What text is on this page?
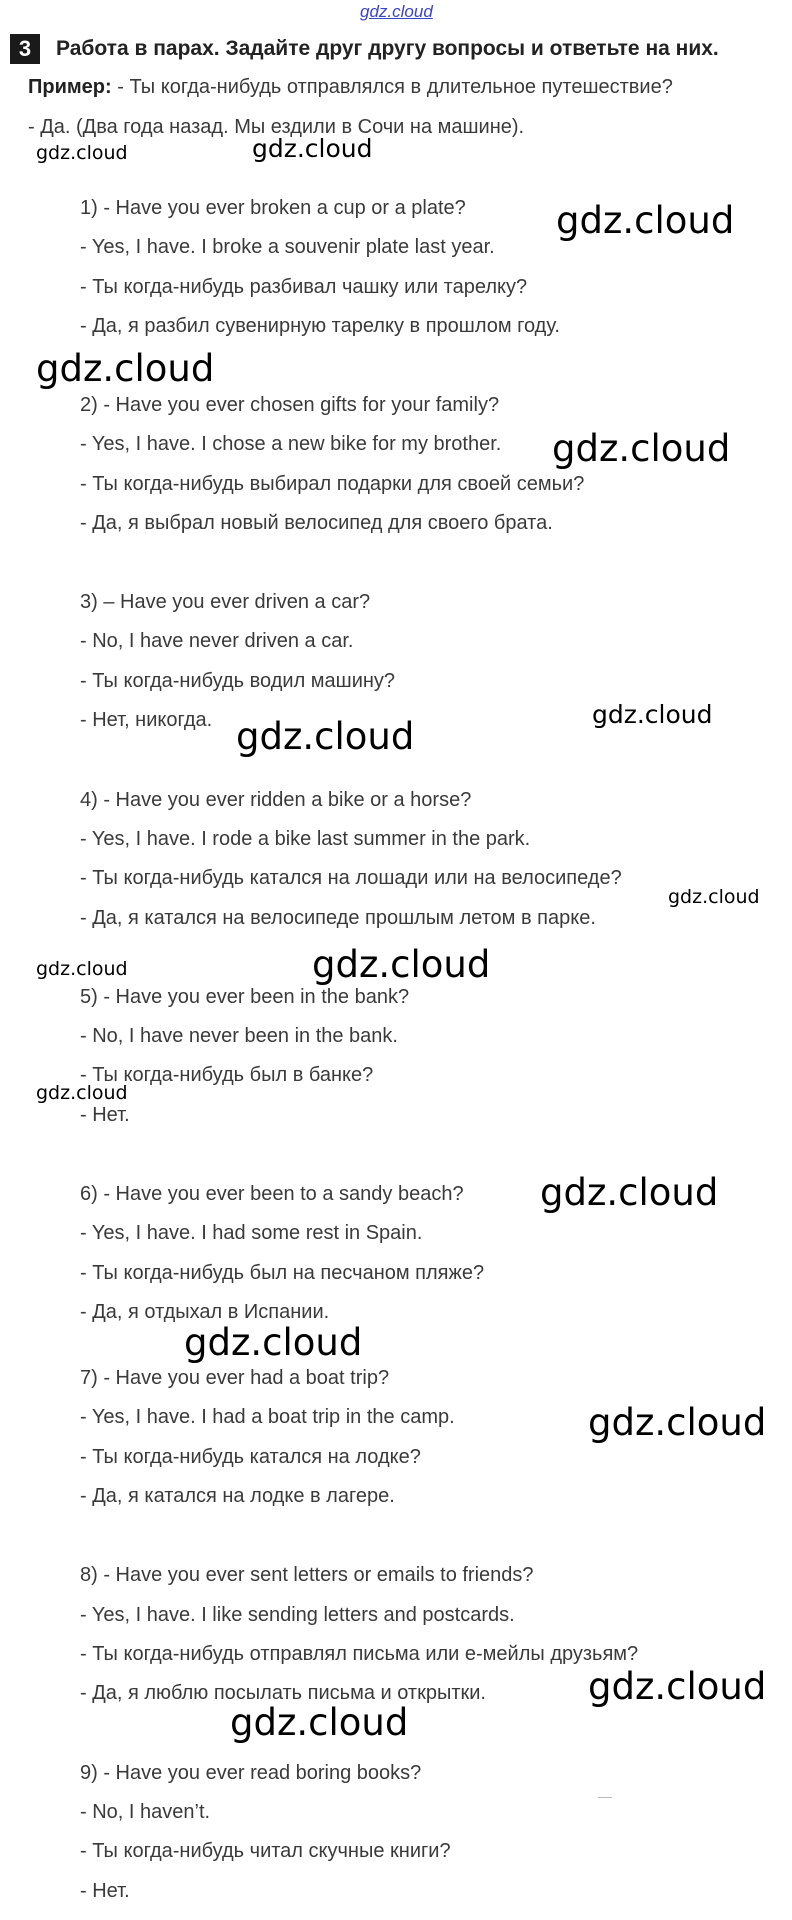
gdz.cloud
3	Работа в парах. Задайте друг другу вопросы и ответьте на них.
Пример: - Ты когда-нибудь отправлялся в длительное путешествие?
- Да. (Два года назад. Мы ездили в Сочи на машине).
1) - Have you ever broken a cup or a plate?
- Yes, I have. I broke a souvenir plate last year.
- Ты когда-нибудь разбивал чашку или тарелку?
- Да, я разбил сувенирную тарелку в прошлом году.
2) - Have you ever chosen gifts for your family?
- Yes, I have. I chose a new bike for my brother.
- Ты когда-нибудь выбирал подарки для своей семьи?
- Да, я выбрал новый велосипед для своего брата.
3) – Have you ever driven a car?
- No, I have never driven a car.
- Ты когда-нибудь водил машину?
- Нет, никогда.
4) - Have you ever ridden a bike or a horse?
- Yes, I have. I rode a bike last summer in the park.
- Ты когда-нибудь катался на лошади или на велосипеде?
- Да, я катался на велосипеде прошлым летом в парке.
5) - Have you ever been in the bank?
- No, I have never been in the bank.
- Ты когда-нибудь был в банке?
- Нет.
6) - Have you ever been to a sandy beach?
- Yes, I have. I had some rest in Spain.
- Ты когда-нибудь был на песчаном пляже?
- Да, я отдыхал в Испании.
7) - Have you ever had a boat trip?
- Yes, I have. I had a boat trip in the camp.
- Ты когда-нибудь катался на лодке?
- Да, я катался на лодке в лагере.
8) - Have you ever sent letters or emails to friends?
- Yes, I have. I like sending letters and postcards.
- Ты когда-нибудь отправлял письма или е-мейлы друзьям?
- Да, я люблю посылать письма и открытки.
9) - Have you ever read boring books?
- No, I haven’t.
- Ты когда-нибудь читал скучные книги?
- Нет.
gdz.cloud	gdz.cloud
gdz.cloud
gdz.cloud
gdz.cloud
gdz.cloud
gdz.cloud
gdz.cloud
gdz.cloud	gdz.cloud
gdz.cloud
gdz.cloud
gdz.cloud
gdz.cloud
gdz.cloud
gdz.cloud
